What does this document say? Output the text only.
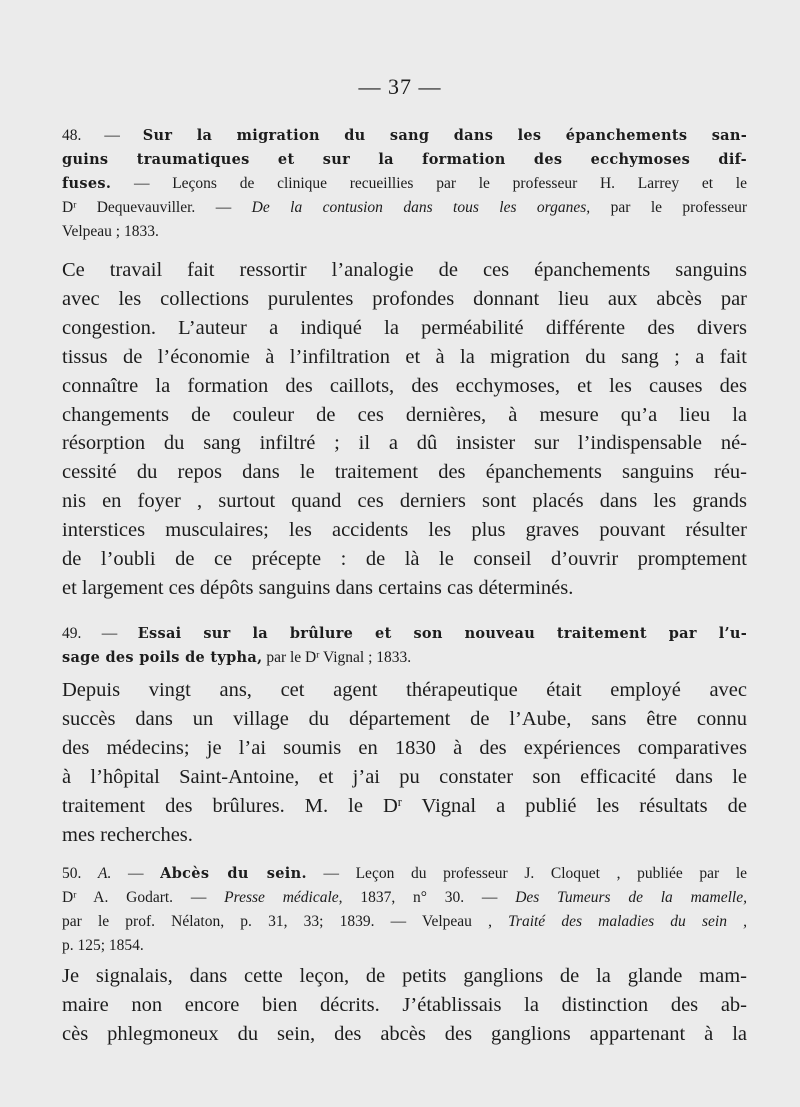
— 37 —
48. — Sur la migration du sang dans les épanchements san-
guins traumatiques et sur la formation des ecchymoses dif-
fuses. — Leçons de clinique recueillies par le professeur H. Larrey et le
$D^r$ Dequevauviller. — De la contusion dans tous les organes, par le professeur
Velpeau ; 1833.
Ce travail fait ressortir l’analogie de ces épanchements sanguins
avec les collections purulentes profondes donnant lieu aux abcès par
congestion. L’auteur a indiqué la perméabilité différente des divers
tissus de l’économie à l’infiltration et à la migration du sang ; a fait
connaître la formation des caillots, des ecchymoses, et les causes des
changements de couleur de ces dernières, à mesure qu’a lieu la
résorption du sang infiltré ; il a dû insister sur l’indispensable né-
cessité du repos dans le traitement des épanchements sanguins réu-
nis en foyer , surtout quand ces derniers sont placés dans les grands
interstices musculaires; les accidents les plus graves pouvant résulter
de l’oubli de ce précepte : de là le conseil d’ouvrir promptement
et largement ces dépôts sanguins dans certains cas déterminés.
49. — Essai sur la brûlure et son nouveau traitement par l’u-
sage des poils de typha, par le $D^r$ Vignal ; 1833.
Depuis vingt ans, cet agent thérapeutique était employé avec
succès dans un village du département de l’Aube, sans être connu
des médecins; je l’ai soumis en 1830 à des expériences comparatives
à l’hôpital Saint-Antoine, et j’ai pu constater son efficacité dans le
traitement des brûlures. M. le $D^r$ Vignal a publié les résultats de
mes recherches.
50. A. — Abcès du sein. — Leçon du professeur J. Cloquet , publiée par le
$D^r$ A. Godart. — Presse médicale, 1837, n° 30. — Des Tumeurs de la mamelle,
par le prof. Nélaton, p. 31, 33; 1839. — Velpeau , Traité des maladies du sein ,
p. 125; 1854.
Je signalais, dans cette leçon, de petits ganglions de la glande mam-
maire non encore bien décrits. J’établissais la distinction des ab-
cès phlegmoneux du sein, des abcès des ganglions appartenant à la
